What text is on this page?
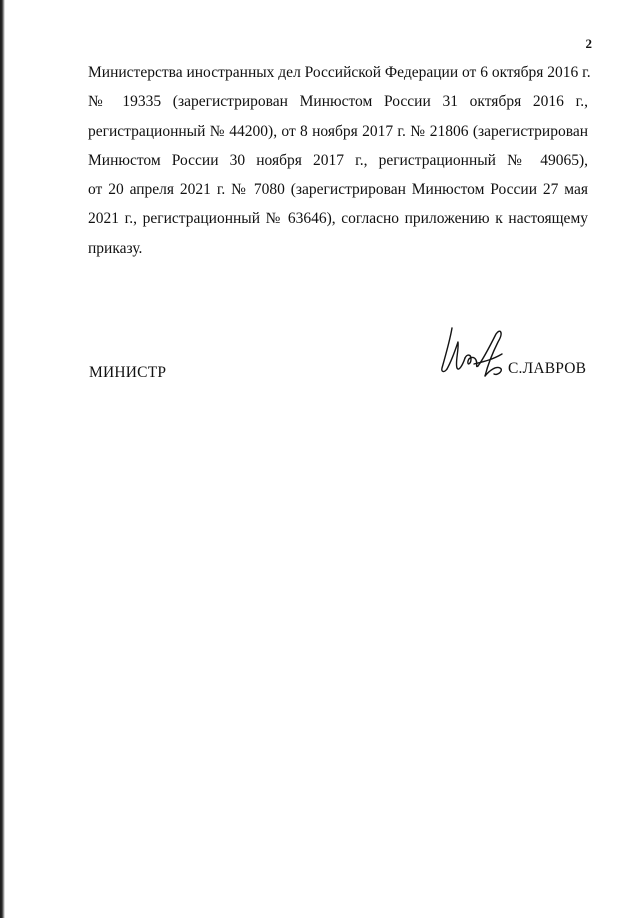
2
Министерства иностранных дел Российской Федерации от 6 октября 2016 г.
№ 19335 (зарегистрирован Минюстом России 31 октября 2016 г.,
регистрационный № 44200), от 8 ноября 2017 г. № 21806 (зарегистрирован
Минюстом России 30 ноября 2017 г., регистрационный № 49065),
от 20 апреля 2021 г. № 7080 (зарегистрирован Минюстом России 27 мая
2021 г., регистрационный № 63646), согласно приложению к настоящему
приказу.
МИНИСТР	С.ЛАВРОВ
